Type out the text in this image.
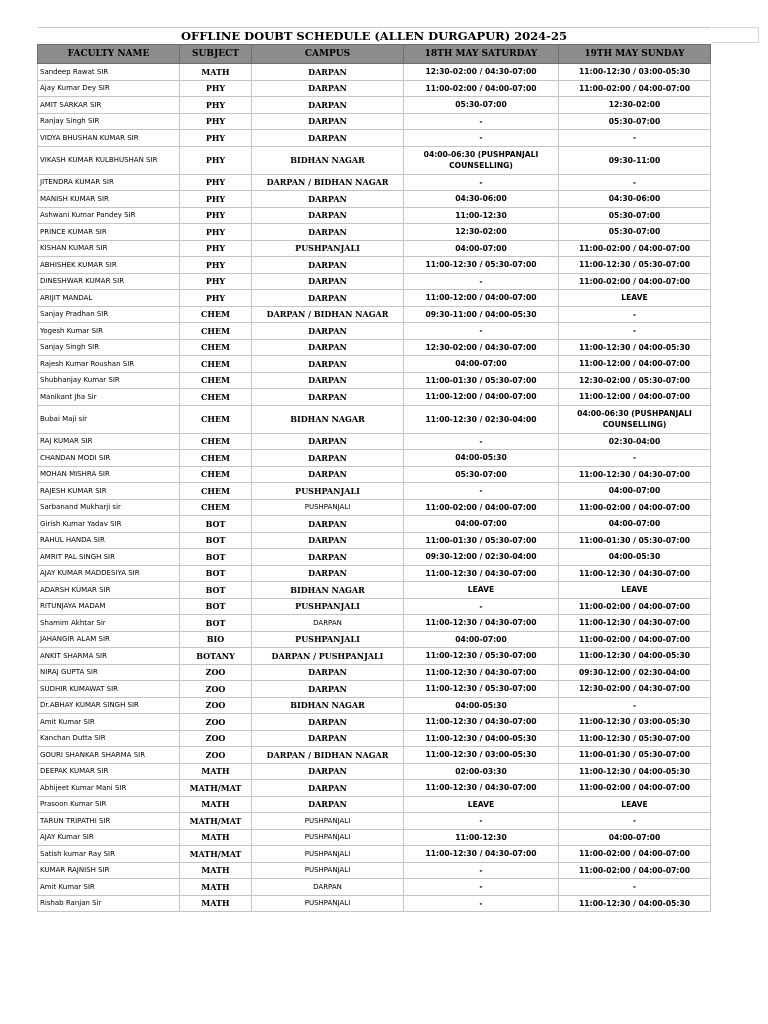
OFFLINE DOUBT SCHEDULE (ALLEN DURGAPUR) 2024-25				
FACULTY NAME	SUBJECT	CAMPUS	18TH MAY SATURDAY	19TH MAY SUNDAY
Sandeep Rawat SIR	MATH	DARPAN	12:30-02:00 / 04:30-07:00	11:00-12:30 / 03:00-05:30
Ajay Kumar Dey SIR	PHY	DARPAN	11:00-02:00 / 04:00-07:00	11:00-02:00 / 04:00-07:00
AMIT SARKAR SIR	PHY	DARPAN	05:30-07:00	12:30-02:00
Ranjay Singh SIR	PHY	DARPAN	-	05:30-07:00
VIDYA BHUSHAN KUMAR SIR	PHY	DARPAN	-	-
VIKASH KUMAR KULBHUSHAN SIR	PHY	BIDHAN NAGAR	04:00-06:30 (PUSHPANJALI COUNSELLING)	09:30-11:00
JITENDRA KUMAR SIR	PHY	DARPAN / BIDHAN NAGAR	-	-
MANISH KUMAR SIR	PHY	DARPAN	04:30-06:00	04:30-06:00
Ashwani Kumar Pandey SIR	PHY	DARPAN	11:00-12:30	05:30-07:00
PRINCE KUMAR SIR	PHY	DARPAN	12:30-02:00	05:30-07:00
KISHAN KUMAR SIR	PHY	PUSHPANJALI	04:00-07:00	11:00-02:00 / 04:00-07:00
ABHISHEK KUMAR SIR	PHY	DARPAN	11:00-12:30 / 05:30-07:00	11:00-12:30 / 05:30-07:00
DINESHWAR KUMAR SIR	PHY	DARPAN	-	11:00-02:00 / 04:00-07:00
ARIJIT MANDAL	PHY	DARPAN	11:00-12:00 / 04:00-07:00	LEAVE
Sanjay Pradhan SIR	CHEM	DARPAN / BIDHAN NAGAR	09:30-11:00 / 04:00-05:30	-
Yogesh Kumar SIR	CHEM	DARPAN	-	-
Sanjay Singh SIR	CHEM	DARPAN	12:30-02:00 / 04:30-07:00	11:00-12:30 / 04:00-05:30
Rajesh Kumar Roushan SIR	CHEM	DARPAN	04:00-07:00	11:00-12:00 / 04:00-07:00
Shubhanjay Kumar SIR	CHEM	DARPAN	11:00-01:30 / 05:30-07:00	12:30-02:00 / 05:30-07:00
Manikant Jha Sir	CHEM	DARPAN	11:00-12:00 / 04:00-07:00	11:00-12:00 / 04:00-07:00
Bubai Maji sir	CHEM	BIDHAN NAGAR	11:00-12:30 / 02:30-04:00	04:00-06:30 (PUSHPANJALI COUNSELLING)
RAJ KUMAR SIR	CHEM	DARPAN	-	02:30-04:00
CHANDAN MODI SIR	CHEM	DARPAN	04:00-05:30	-
MOHAN MISHRA SIR	CHEM	DARPAN	05:30-07:00	11:00-12:30 / 04:30-07:00
RAJESH KUMAR SIR	CHEM	PUSHPANJALI	-	04:00-07:00
Sarbanand Mukharji sir	CHEM	PUSHPANJALI	11:00-02:00 / 04:00-07:00	11:00-02:00 / 04:00-07:00
Girish Kumar Yadav SIR	BOT	DARPAN	04:00-07:00	04:00-07:00
RAHUL HANDA SIR	BOT	DARPAN	11:00-01:30 / 05:30-07:00	11:00-01:30 / 05:30-07:00
AMRIT PAL SINGH SIR	BOT	DARPAN	09:30-12:00 / 02:30-04:00	04:00-05:30
AJAY KUMAR MADDESIYA SIR	BOT	DARPAN	11:00-12:30 / 04:30-07:00	11:00-12:30 / 04:30-07:00
ADARSH KUMAR SIR	BOT	BIDHAN NAGAR	LEAVE	LEAVE
RITUNJAYA MADAM	BOT	PUSHPANJALI	-	11:00-02:00 / 04:00-07:00
Shamim Akhtar Sir	BOT	DARPAN	11:00-12:30 / 04:30-07:00	11:00-12:30 / 04:30-07:00
JAHANGIR ALAM SIR	BIO	PUSHPANJALI	04:00-07:00	11:00-02:00 / 04:00-07:00
ANKIT SHARMA SIR	BOTANY	DARPAN / PUSHPANJALI	11:00-12:30 / 05:30-07:00	11:00-12:30 / 04:00-05:30
NIRAJ GUPTA SIR	ZOO	DARPAN	11:00-12:30 / 04:30-07:00	09:30-12:00 / 02:30-04:00
SUDHIR KUMAWAT SIR	ZOO	DARPAN	11:00-12:30 / 05:30-07:00	12:30-02:00 / 04:30-07:00
Dr.ABHAY KUMAR SINGH SIR	ZOO	BIDHAN NAGAR	04:00-05:30	-
Amit Kumar SIR	ZOO	DARPAN	11:00-12:30 / 04:30-07:00	11:00-12:30 / 03:00-05:30
Kanchan Dutta SIR	ZOO	DARPAN	11:00-12:30 / 04:00-05:30	11:00-12:30 / 05:30-07:00
GOURI SHANKAR SHARMA SIR	ZOO	DARPAN / BIDHAN NAGAR	11:00-12:30 / 03:00-05:30	11:00-01:30 / 05:30-07:00
DEEPAK KUMAR SIR	MATH	DARPAN	02:00-03:30	11:00-12:30 / 04:00-05:30
Abhijeet Kumar Mani SIR	MATH/MAT	DARPAN	11:00-12:30 / 04:30-07:00	11:00-02:00 / 04:00-07:00
Prasoon Kumar SIR	MATH	DARPAN	LEAVE	LEAVE
TARUN TRIPATHI SIR	MATH/MAT	PUSHPANJALI	-	-
AJAY Kumar SIR	MATH	PUSHPANJALI	11:00-12:30	04:00-07:00
Satish kumar Ray SIR	MATH/MAT	PUSHPANJALI	11:00-12:30 / 04:30-07:00	11:00-02:00 / 04:00-07:00
KUMAR RAJNISH SIR	MATH	PUSHPANJALI	-	11:00-02:00 / 04:00-07:00
Amit Kumar SIR	MATH	DARPAN	-	-
Rishab Ranjan Sir	MATH	PUSHPANJALI	-	11:00-12:30 / 04:00-05:30
